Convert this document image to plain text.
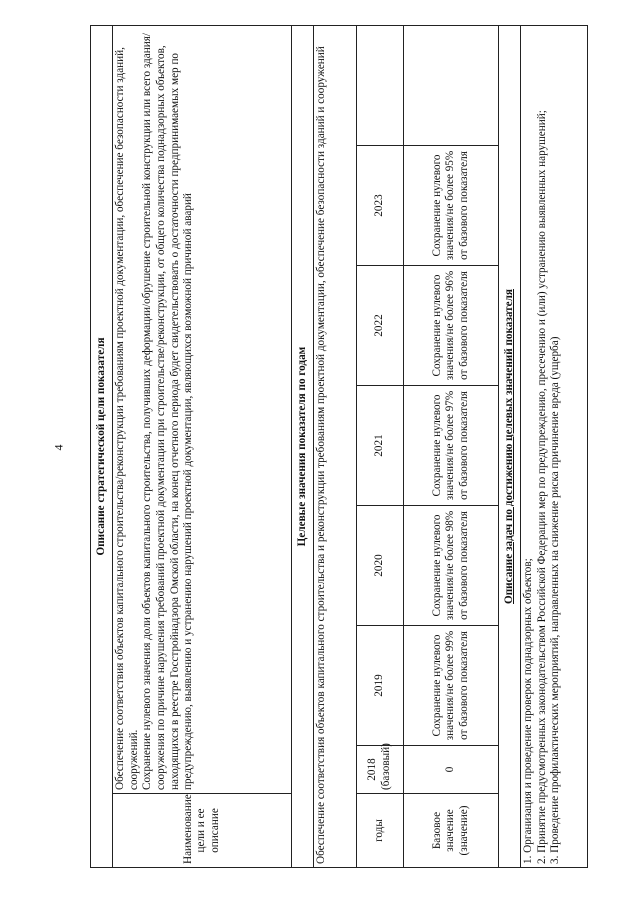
4	Описание стратегической цели показателя							
Наименование цели и ее описание	Обеспечение соответствия объектов капитального строительства/реконструкции требованиям проектной документации, обеспечение безопасности зданий, сооружений. Сохранение нулевого значения доли объектов капитального строительства, получивших деформации/обрушение строительной конструкции или всего здания/сооружения по причине нарушения требований проектной документации при строительстве/реконструкции, от общего количества поднадзорных объектов, находящихся в реестре Госстройнадзора Омской области, на конец отчетного периода будет свидетельствовать о достаточности предпринимаемых мер по предупреждению, выявлению и устранению нарушений проектной документации, являющихся возможной причиной аварий						

Целевые значения показателя по годам							
Обеспечение соответствия объектов капитального строительства и реконструкции требованиям проектной документации, обеспечение безопасности зданий и сооружений							
годы	2018 (базовый)	2019	2020	2021	2022	2023	
Базовое значение (значение)	0	Сохранение нулевого значения/не более 99% от базового показателя	Сохранение нулевого значения/не более 98% от базового показателя	Сохранение нулевого значения/не более 97% от базового показателя	Сохранение нулевого значения/не более 96% от базового показателя	Сохранение нулевого значения/не более 95% от базового показателя	
Описание задач по достижению целевых значений показателя							

1. Организация и проведение проверок поднадзорных объектов; 2. Принятие предусмотренных законодательством Российской Федерации мер по предупреждению, пресечению и (или) устранению выявленных нарушений; 3. Проведение профилактических мероприятий, направленных на снижение риска причинение вреда (ущерба)							
